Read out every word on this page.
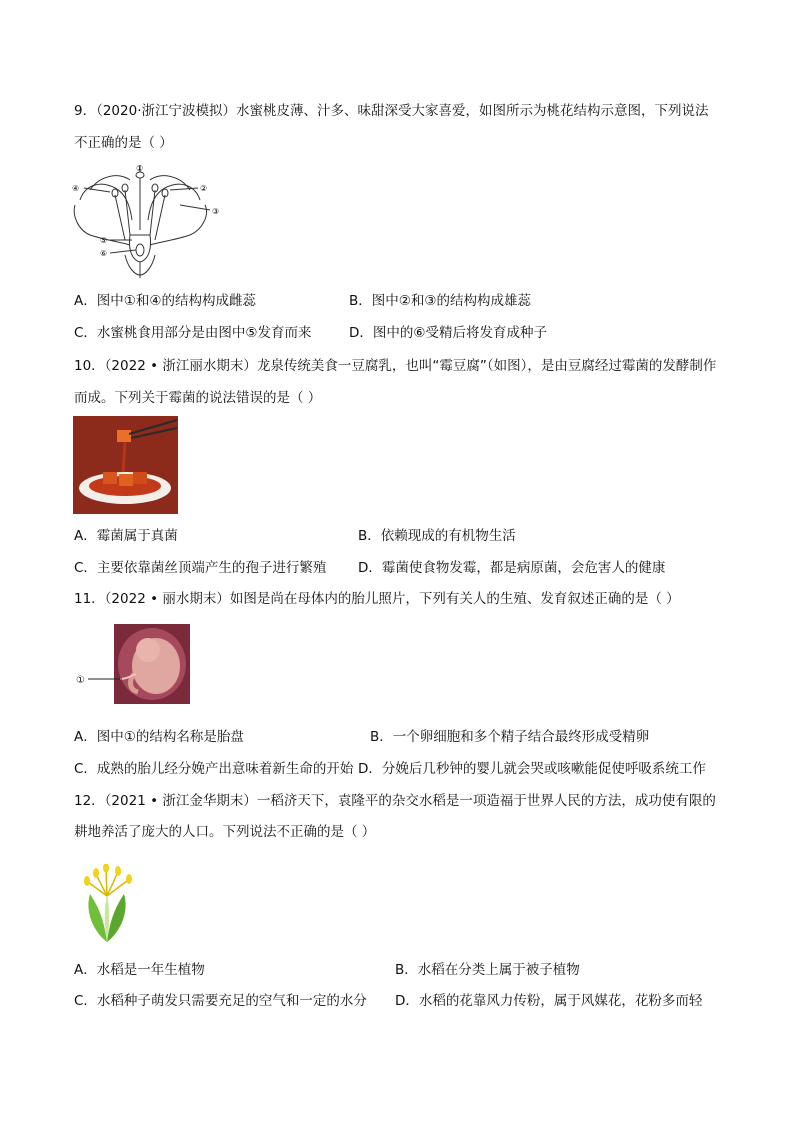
9．（2020·浙江宁波模拟）水蜜桃皮薄、汁多、味甜深受大家喜爱，如图所示为桃花结构示意图，下列说法
不正确的是（ ）
①
②
③
④
⑤
⑥
A．图中①和④的结构构成雌蕊	B．图中②和③的结构构成雄蕊
C．水蜜桃食用部分是由图中⑤发育而来	D．图中的⑥受精后将发育成种子
10．（2022 • 浙江丽水期末）龙泉传统美食一豆腐乳，也叫“霉豆腐”（如图），是由豆腐经过霉菌的发酵制作
而成。下列关于霉菌的说法错误的是（ ）
A．霉菌属于真菌	B．依赖现成的有机物生活
C．主要依靠菌丝顶端产生的孢子进行繁殖 D．霉菌使食物发霉，都是病原菌，会危害人的健康
11．（2022 • 丽水期末）如图是尚在母体内的胎儿照片，下列有关人的生殖、发育叙述正确的是（ ）
①
A．图中①的结构名称是胎盘	B．一个卵细胞和多个精子结合最终形成受精卵
C．成熟的胎儿经分娩产出意味着新生命的开始 D．分娩后几秒钟的婴儿就会哭或咳嗽能促使呼吸系统工作
12．（2021 • 浙江金华期末）一稻济天下，袁隆平的杂交水稻是一项造福于世界人民的方法，成功使有限的
耕地养活了庞大的人口。下列说法不正确的是（ ）
A．水稻是一年生植物	B．水稻在分类上属于被子植物
C．水稻种子萌发只需要充足的空气和一定的水分 D．水稻的花靠风力传粉，属于风媒花，花粉多而轻
